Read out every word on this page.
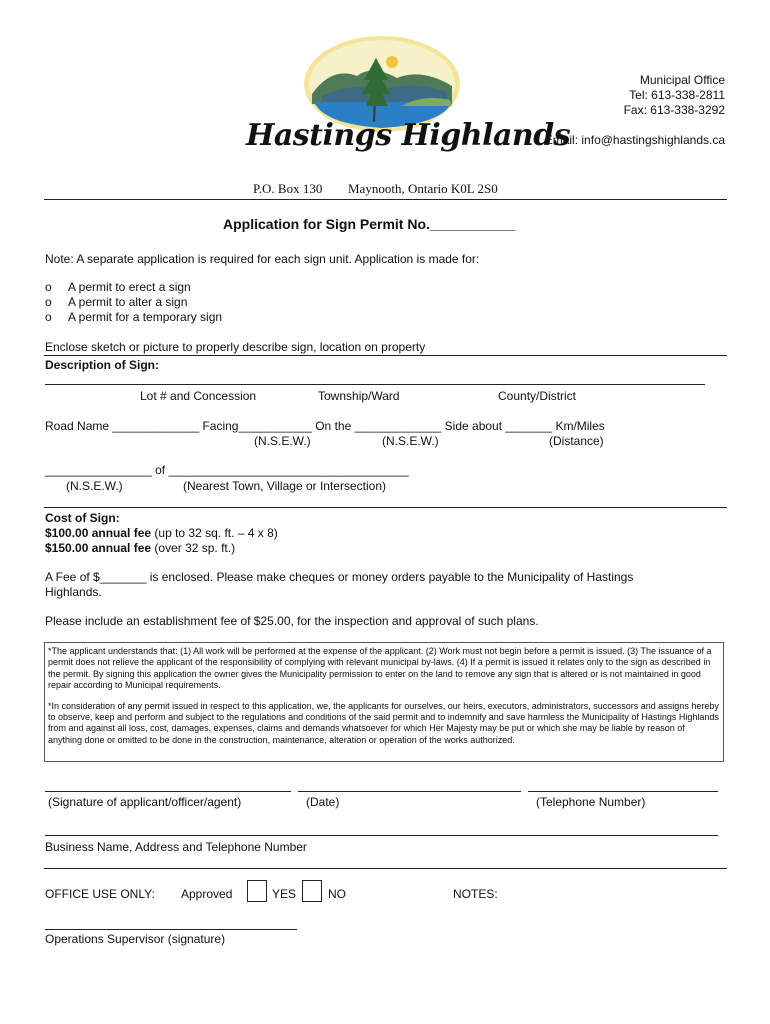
Hastings Highlands
Municipal Office
Tel: 613-338-2811
Fax: 613-338-3292
Email: info@hastingshighlands.ca
P.O. Box 130 Maynooth, Ontario K0L 2S0
Application for Sign Permit No.___________
Note: A separate application is required for each sign unit. Application is made for:
o A permit to erect a sign
o A permit to alter a sign
o A permit for a temporary sign
Enclose sketch or picture to properly describe sign, location on property
Description of Sign:
Lot # and Concession	Township/Ward	County/District
Road Name _____________ Facing___________ On the _____________ Side about _______ Km/Miles
(N.S.E.W.)	(N.S.E.W.)	(Distance)
________________ of ____________________________________
(N.S.E.W.)	(Nearest Town, Village or Intersection)
Cost of Sign:
$100.00 annual fee (up to 32 sq. ft. – 4 x 8)
$150.00 annual fee (over 32 sp. ft.)
A Fee of $_______ is enclosed. Please make cheques or money orders payable to the Municipality of Hastings
Highlands.
Please include an establishment fee of $25.00, for the inspection and approval of such plans.

*The applicant understands that: (1) All work will be performed at the expense of the applicant. (2) Work must not begin before a permit is issued. (3) The issuance of a permit does not relieve the applicant of the responsibility of complying with relevant municipal by-laws. (4) If a permit is issued it relates only to the sign as described in the permit. By signing this application the owner gives the Municipality permission to enter on the land to remove any sign that is altered or is not maintained in good repair according to Municipal requirements.

*In consideration of any permit issued in respect to this application, we, the applicants for ourselves, our heirs, executors, administrators, successors and assigns hereby to observe, keep and perform and subject to the regulations and conditions of the said permit and to indemnify and save harmless the Municipality of Hastings Highlands from and against all loss, cost, damages, expenses, claims and demands whatsoever for which Her Majesty may be put or which she may be liable by reason of anything done or omitted to be done in the construction, maintenance, alteration or operation of the works authorized.

(Signature of applicant/officer/agent)	(Date)	(Telephone Number)
Business Name, Address and Telephone Number
OFFICE USE ONLY: Approved	YES	NO	NOTES:
Operations Supervisor (signature)
